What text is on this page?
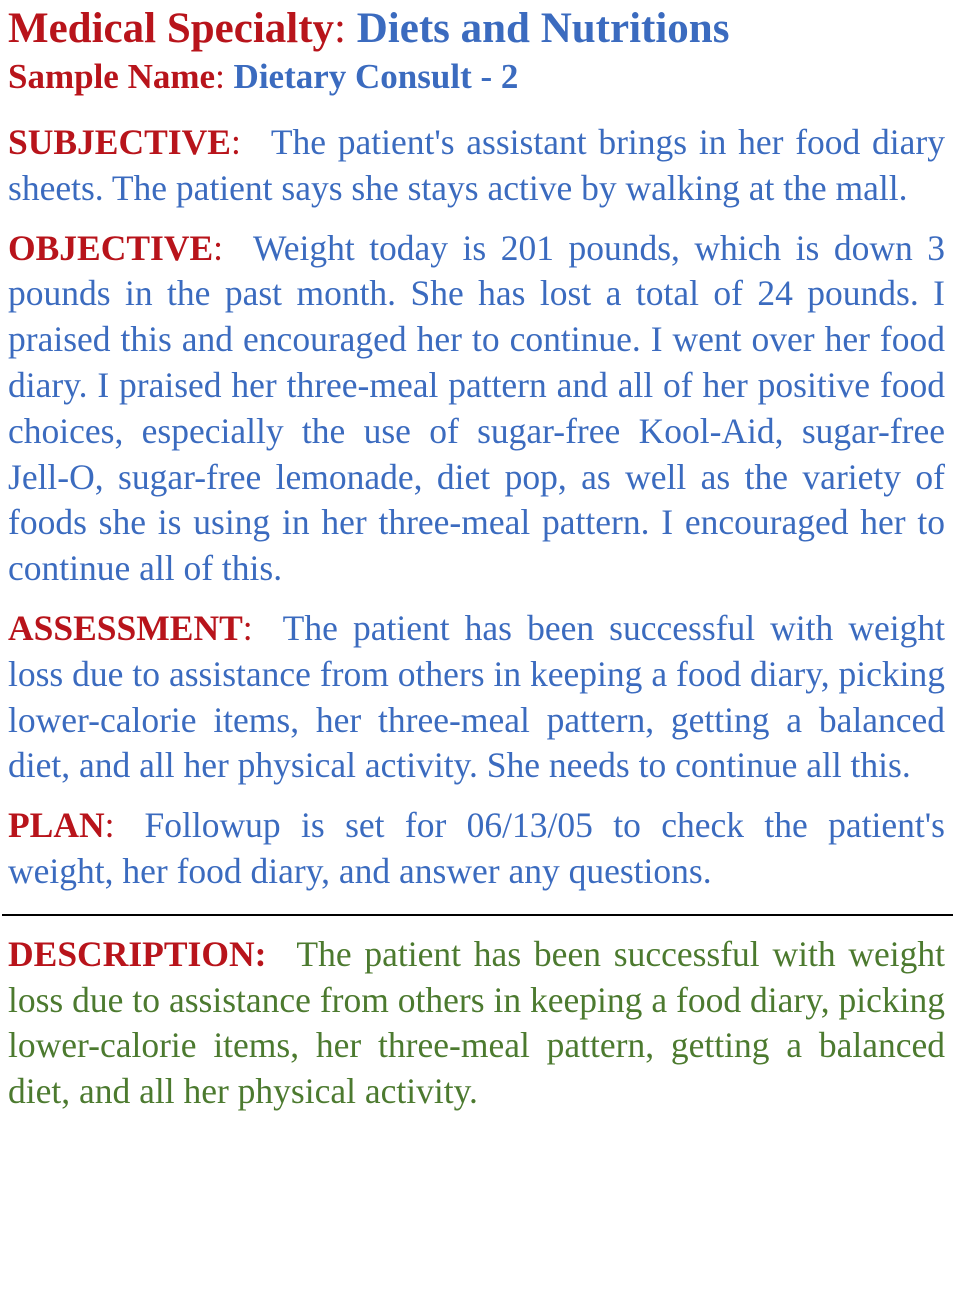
Medical Specialty: Diets and Nutritions
Sample Name: Dietary Consult - 2

SUBJECTIVE: The patient's assistant brings in her food diary sheets. The patient says she stays active by walking at the mall.

OBJECTIVE: Weight today is 201 pounds, which is down 3 pounds in the past month. She has lost a total of 24 pounds. I praised this and encouraged her to continue. I went over her food diary. I praised her three-meal pattern and all of her positive food choices, especially the use of sugar-free Kool-Aid, sugar-free Jell-O, sugar-free lemonade, diet pop, as well as the variety of foods she is using in her three-meal pattern. I encouraged her to continue all of this.

ASSESSMENT: The patient has been successful with weight loss due to assistance from others in keeping a food diary, picking lower-calorie items, her three-meal pattern, getting a balanced diet, and all her physical activity. She needs to continue all this.

PLAN: Followup is set for 06/13/05 to check the patient's weight, her food diary, and answer any questions.

DESCRIPTION: The patient has been successful with weight loss due to assistance from others in keeping a food diary, picking lower-calorie items, her three-meal pattern, getting a balanced diet, and all her physical activity.
